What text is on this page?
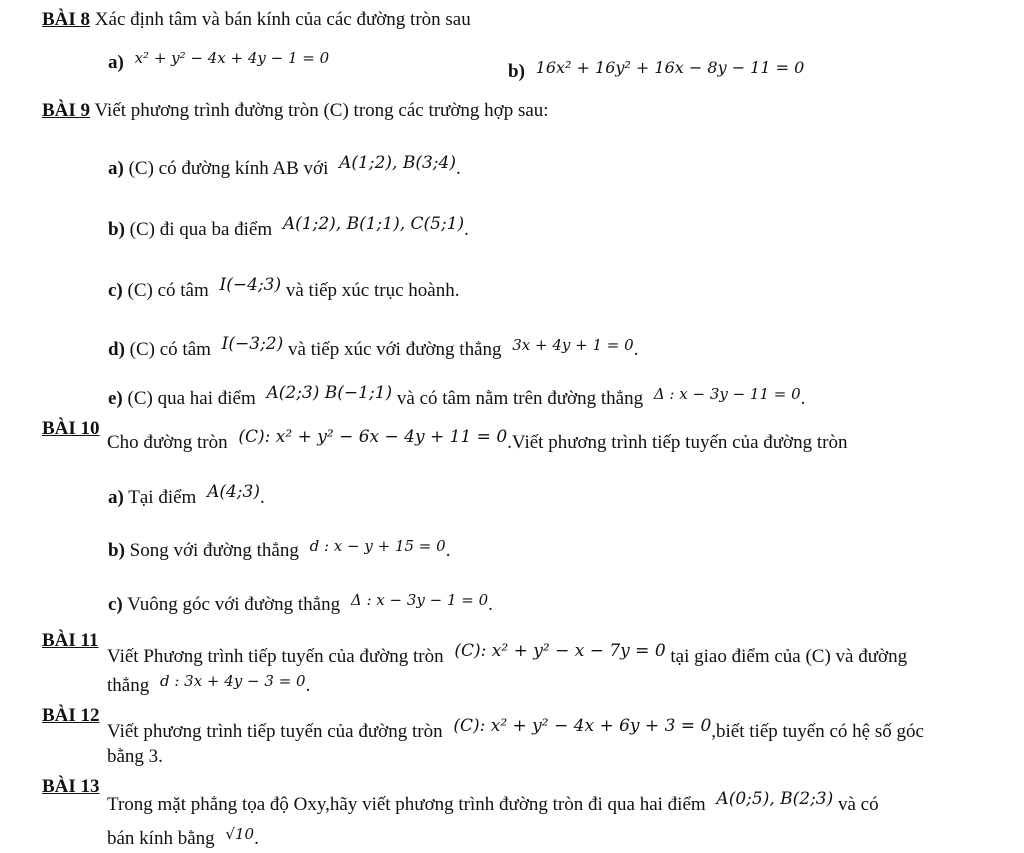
BÀI 8 Xác định tâm và bán kính của các đường tròn sau
a) x² + y² − 4x + 4y − 1 = 0
b) 16x² + 16y² + 16x − 8y − 11 = 0
BÀI 9 Viết phương trình đường tròn (C) trong các trường hợp sau:
a) (C) có đường kính AB với A(1;2), B(3;4).
b) (C) đi qua ba điểm A(1;2), B(1;1), C(5;1).
c) (C) có tâm I(−4;3) và tiếp xúc trục hoành.
d) (C) có tâm I(−3;2) và tiếp xúc với đường thẳng 3x + 4y + 1 = 0.
e) (C) qua hai điểm A(2;3) B(−1;1) và có tâm nằm trên đường thẳng Δ : x − 3y − 11 = 0.
BÀI 10
Cho đường tròn (C): x² + y² − 6x − 4y + 11 = 0.Viết phương trình tiếp tuyến của đường tròn
a) Tại điểm A(4;3).
b) Song với đường thẳng d : x − y + 15 = 0.
c) Vuông góc với đường thẳng Δ : x − 3y − 1 = 0.
BÀI 11
Viết Phương trình tiếp tuyến của đường tròn (C): x² + y² − x − 7y = 0 tại giao điểm của (C) và đường
thẳng d : 3x + 4y − 3 = 0.
BÀI 12
Viết phương trình tiếp tuyến của đường tròn (C): x² + y² − 4x + 6y + 3 = 0,biết tiếp tuyến có hệ số góc
bằng 3.
BÀI 13
Trong mặt phẳng tọa độ Oxy,hãy viết phương trình đường tròn đi qua hai điểm A(0;5), B(2;3) và có
bán kính bằng √10.
